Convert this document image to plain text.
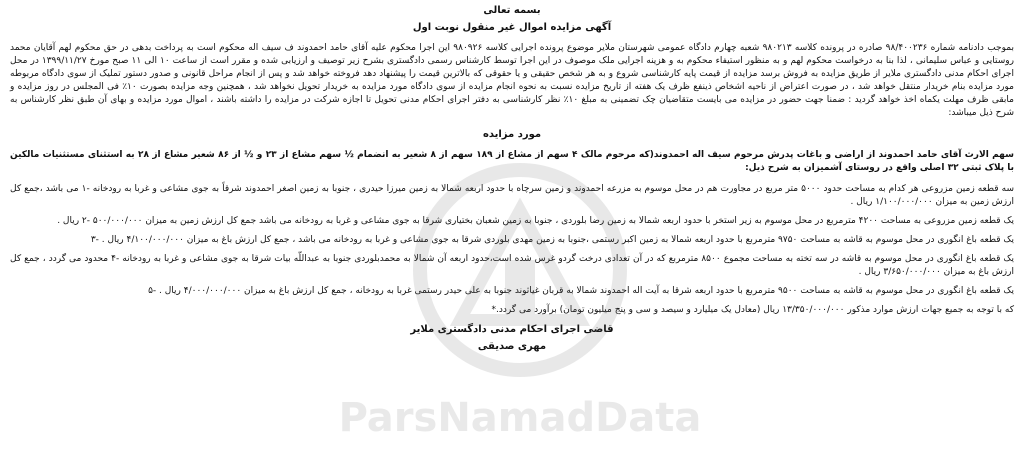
بسمه تعالی
آگهی مزایده اموال غیر منقول نوبت اول

بموجب دادنامه شماره ۹۸/۴۰۰۲۳۶ صادره در پرونده کلاسه ۹۸۰۲۱۳ شعبه چهارم دادگاه عمومی شهرستان ملایر موضوع پرونده اجرایی کلاسه ۹۸۰۹۲۶ این اجرا محکوم علیه آقای حامد احمدوند ف سیف اله محکوم است به پرداخت بدهی در حق محکوم لهم آقایان محمد روستایی و عباس سلیمانی ، لذا بنا به درخواست محکوم لهم و به منظور استیفاء محکوم به و هزینه اجرایی ملک موصوف در این اجرا توسط کارشناس رسمی دادگستری بشرح زیر توصیف و ارزیابی شده و مقرر است از ساعت ۱۰ الی ۱۱ صبح مورخ ۱۳۹۹/۱۱/۲۷ در محل اجرای احکام مدنی دادگستری ملایر از طریق مزایده به فروش برسد مزایده از قیمت پایه کارشناسی شروع و به هر شخص حقیقی و یا حقوقی که بالاترین قیمت را پیشنهاد دهد فروخته خواهد شد و پس از انجام مراحل قانونی و صدور دستور تملیک از سوی دادگاه مربوطه مورد مزایده بنام خریدار منتقل خواهد شد ، در صورت اعتراض از ناحیه اشخاص ذینفع ظرف یک هفته از تاریخ مزایده نسبت به نحوه انجام مزایده از سوی دادگاه مورد مزایده به خریدار تحویل نخواهد شد ، همچنین وجه مزایده بصورت ۱۰٪ فی المجلس در روز مزایده و مابقی ظرف مهلت یکماه اخذ خواهد گردید : ضمنا جهت حضور در مزایده می بایست متقاضیان چک تضمینی به مبلغ ۱۰٪ نظر کارشناسی به دفتر اجرای احکام مدنی تحویل تا اجازه شرکت در مزایده را داشته باشند ، اموال مورد مزایده و بهای آن طبق نظر کارشناس به شرح ذیل میباشد:

مورد مزایده

سهم الارث آقای حامد احمدوند از اراضی و باغات پدرش مرحوم سیف اله احمدوند(که مرحوم مالک ۴ سهم از مشاع از ۱۸۹ سهم از ۸ شعیر به انضمام ½ سهم مشاع از ۲۳ و ½ از ۸۶ شعیر مشاع از ۲۸ به استثنای مستثنیات مالکین با پلاک ثبتی ۳۲ اصلی واقع در روستای آشمیزان به شرح ذیل:

سه قطعه زمین مزروعی هر کدام به مساحت حدود ۵۰۰۰ متر مربع در مجاورت هم در محل موسوم به مزرعه احمدوند و زمین سرچاه با حدود اربعه شمالا به زمین میرزا حیدری ، جنوبا به زمین اصغر احمدوند شرقاً به جوی مشاعی و غربا به رودخانه -۱ می باشد ،جمع کل ارزش زمین به میزان ۱/۱۰۰/۰۰۰/۰۰۰ ریال .

یک قطعه زمین مزروعی به مساحت ۴۲۰۰ مترمربع در محل موسوم به زیر استخر با حدود اربعه شمالا به زمین رضا بلوردی ، جنوبا به زمین شعبان بختیاری شرقا به جوی مشاعی و غربا به رودخانه می باشد جمع کل ارزش زمین به میزان ۵۰۰/۰۰۰/۰۰۰ -۲ ریال .

یک قطعه باغ انگوری در محل موسوم به قاشه به مساحت ۹۷۵۰ مترمربع با حدود اربعه شمالا به زمین اکبر رستمی ،جنوبا به زمین مهدی بلوردی شرقا به جوی مشاعی و غربا به رودخانه می باشد ، جمع کل ارزش باغ به میزان ۴/۱۰۰/۰۰۰/۰۰۰ ریال . -۳

یک قطعه باغ انگوری در محل موسوم به قاشه در سه تخته به مساحت مجموع ۸۵۰۰ مترمربع که در آن تعدادی درخت گردو غرس شده است،حدود اربعه آن شمالا به محمدبلوردی جنوبا به عبداللّه بیات شرقا به جوی مشاعی و غربا به رودخانه -۴ محدود می گردد ، جمع کل ارزش باغ به میزان ۳/۶۵۰/۰۰۰/۰۰۰ ریال .

یک قطعه باغ انگوری در محل موسوم به قاشه به مساحت ۹۵۰۰ مترمربع با حدود اربعه شرقا به آیت اله احمدوند شمالا به قربان غیاثوند جنوبا به علی حیدر رستمی غربا به رودخانه ، جمع کل ارزش باغ به میزان ۴/۰۰۰/۰۰۰/۰۰۰ ریال . -۵

که با توجه به جمیع جهات ارزش موارد مذکور ۱۳/۳۵۰/۰۰۰/۰۰۰ ریال (معادل یک میلیارد و سیصد و سی و پنج میلیون تومان) برآورد می گردد.*

قاضی اجرای احکام مدنی دادگستری ملایر
مهری صدیقی
ParsNamadData
